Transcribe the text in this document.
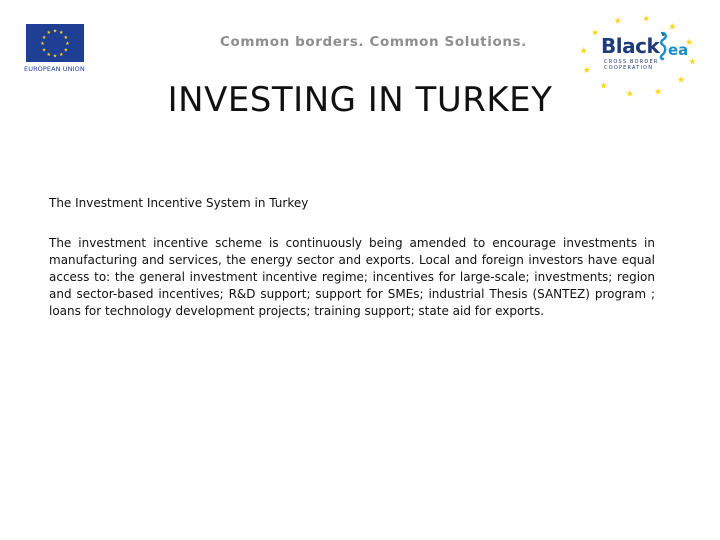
★ ★
★
★
★
★
★
★
★
★
★
★
EUROPEAN UNION
Common borders. Common Solutions.
★
★
★
★
★
★
★
★
★
★
★
★
Black ea
CROSS BORDER COOPERATION
INVESTING IN TURKEY
The Investment Incentive System in Turkey

The investment incentive scheme is continuously being amended to encourage investments in manufacturing and services, the energy sector and exports. Local and foreign investors have equal access to: the general investment incentive regime; incentives for large-scale; investments; region and sector-based incentives; R&D support; support for SMEs; industrial Thesis (SANTEZ) program ; loans for technology development projects; training support; state aid for exports.
